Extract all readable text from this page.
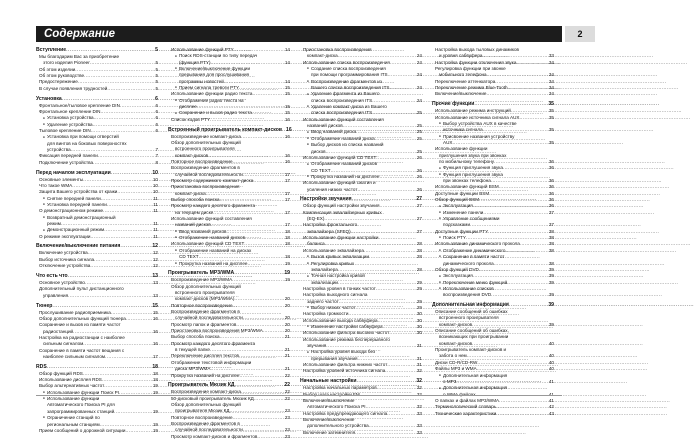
Содержание	2
Вступление .....	5
Мы благодарим Вас за приобретение
этого изделия Pioneer .....	5
Об этом изделии .....	5
Об этом руководстве .....	5
Предостережение .....	5
В случае появления трудностей .....	5
Установка .....	6
Фронтальное/тыловое крепление DIN .....	6
Фронтальное крепление DIN .....	6
● Установка устройства .....	6
● Удаление устройства .....	6
Тыловое крепление DIN .....	6
● Установка при помощи отверстий
для винтов на боковых поверхностях
устройства .....	7
Фиксация передней панели .....	7
Подключение устройства .....	8
Перед началом эксплуатации .....	10
Основные элементы .....	10
Что такое WMA .....	10
Защита Вашего устройства от кражи .....	10
● Снятие передней панели .....	11
● Установка передней панели .....	11
О демонстрационном режиме .....	11
● Возвратный демонстрационный
режим .....	11
● Демонстрационный режим .....	11
О режиме эксплуатации .....	11
Включение/выключение питания .....	12
Включение устройства .....	12
Выбор источника сигнала .....	12
Отключение устройства .....	12
Что есть что .....	13
Основное устройство .....	13
Дополнительный пульт дистанционного
управления .....	13
Тюнер .....	15
Прослушивание радиоприемника .....	15
Обзор дополнительных функций тюнера .....	16
Сохранение и вызов из памяти частот
радиостанций .....	16
Настройка на радиостанции с наиболее
сильным сигналом .....	16
Сохранение в памяти частот вещания с
наиболее сильным сигналом .....	17
RDS .....	18
Обзор функций RDS .....	18
Использование дисплея RDS .....	18
Выбор альтернативных частот .....	19
● Использование функции Поиск PI .....	19
● Использование функции
Автоматического Поиска PI для
запрограммированных станций .....	19
● Ограничение станций по
региональным станциям .....	19
Прием сообщений о дорожной ситуации .....	19
Использование функций PTY .....	14
● Поиск RDS-станции по типу передач
(функция PTY) .....	14
● Включение/выключение функции
прерывания для прослушивания
программы новостей .....	14
● Прием сигнала тревоги PTY .....	15
Использование функции радио текста .....	15
● Отображение радио текста на
дисплее .....	15
● Сохранение и вызов радио текста .....	15
Список кодов PTY .....	16
Встроенный проигрыватель компакт-дисков ..... 16
Воспроизведение компакт-диска .....	16
Обзор дополнительных функций
встроенного проигрывателя
компакт-дисков .....	16
Повторное воспроизведение .....	16
Воспроизведение фрагментов в
случайной последовательности .....	17
Просмотр содержимого компакт-диска .....	17
Приостановка воспроизведения
компакт-диска .....	17
Выбор способа поиска .....	17
Просмотр каждого десятого фрагмента
на текущем диске .....	17
Использование функций составления
названий дисков .....	17
● Ввод названий дисков .....	18
● Отображение названий дисков .....	18
Использование функций CD TEXT .....	18
● Отображение названий на дисках
CD TEXT .....	18
● Прокрутка названий на дисплее .....	19
Проигрыватель MP3/WMA .....	19
Воспроизведение MP3/WMA .....	19
Обзор дополнительных функций
встроенного проигрывателя
компакт-дисков (MP3/WMA) .....	20
Повторное воспроизведение .....	20
Воспроизведение фрагментов в
случайной последовательности .....	20
Просмотр папок и фрагментов .....	20
Приостановка воспроизведения MP3/WMA .....	20
Выбор способа поиска .....	21
Просмотр каждого десятого фрагмента
в текущей папке .....	21
Переключение дисплея текстов .....	21
Отображение текстовой информации
диска MP3/WMA .....	21
Прокрутка названий на дисплее .....	22
Проигрыватель Мюзик КД .....	22
Воспроизведение компакт-диска .....	22
50-дисковый проигрыватель Мюзик КД .....	22
Обзор дополнительных функций
проигрывателя Мюзик КД .....	23
Повторное воспроизведение .....	23
Воспроизведение фрагментов в
случайной последовательности .....	23
Просмотр компакт-дисков и фрагментов .....	23
Приостановка воспроизведения
компакт-диска .....	24
Использование списка воспроизведения .....	24
● Создание списка воспроизведения
при помощи программирования ITS .....	24
● Воспроизведение фрагментов из
Вашего списка воспроизведения ITS .....	24
● Удаление фрагмента из Вашего
списка воспроизведения ITS .....	24
● Удаление компакт-диска из Вашего
списка воспроизведения ITS .....	25
Использование функций составления
названий дисков .....	25
● Ввод названий диска .....	25
● Отображение названий диска .....	25
● Выбор дисков из списка названий
дисков .....	25
Использование функций CD TEXT .....	26
● Отображение названий дисков
CD TEXT .....	26
● Прокрутка названий на дисплее .....	26
Использование функций сжатия и
усиления низких частот .....	26
Настройки звучания .....	27
Обзор функций настройки звучания .....	27
Компенсация эквалайзерных кривых
(EQ-EX) .....	27
Настройка фронтального
эквалайзера (SFEQ) .....	27
Использование функции настройки
баланса .....	28
Использование эквалайзера .....	28
● Вызов кривых эквализации .....	28
● Регулировка кривых
эквалайзера .....	28
● Точная настройка кривой
эквализации .....	29
Настройка уровня в тонких частот .....	29
Настройка выходного сигнала
заднего частот .....	29
● Выбор низких частот .....	29
Настройка громкости .....	30
Использование выхода сабвуфера .....	30
● Изменение настройки сабвуфера .....	30
Использование фильтра высоких частот .....	30
Использование режима бесперерывного
звучания .....	31
● Настройка уровня выхода без
прерывания звучания .....	31
Использование фильтра нижних частот .....	31
Настройка уровней источника сигнала .....	32
Начальные настройки .....	32
Настройка начальных параметров .....	32
Выбор шага настройки FM .....	32
Включение/выключение
Автоматического Поиска PI .....	32
Настройка предупреждающего сигнала .....	33
Включение/выключение
дополнительного устройства .....	33
Включение затемнителя .....	33
Настройка выхода тыловых динамиков
и уровня сабвуфера .....	33
Настройка функции отключения звука .....	34
Регулировка функции при звонке
мобильного телефона .....	34
Переключение аттенюатора .....	34
Переключение режима Blue-Tooth .....	34
Включение/выключение .....	34
Прочие функции .....	35
Использование режима инструкций .....	35
Использование источника сигнала AUX .....	35
● Выбор устройства AUX в качестве
источника сигнала .....	35
● Присвоение названия устройству
AUX .....	35
Использование функции
приглушения звука при звонках
по мобильному телефону .....	36
● Функция приглушения звука .....	36
● Функция приглушения звука
при звонках телефона .....	36
Использование функций BSM .....	36
Доступные функции BSM .....	36
Обзор функций BSM .....	36
● Эксплуатация .....	36
● Изменение панели .....	37
● Управление сообщениями
подсказками .....	37
Доступные функции PTY .....	38
● Поиск PTY .....	38
Использование динамического прокола .....	38
● Отображение динамического .....	38
● Сохранение в памяти частот
динамического прокола .....	38
Обзор функций DVD .....	39
● Эксплуатация .....	39
● Переключение меню функций .....	39
● Использование списков
воспроизведения DVD .....	39
Дополнительная информация .....	39
Описание сообщений об ошибках
встроенного проигрывателя
компакт-дисков .....	39
Описание сообщений об ошибках,
возникающих при проигрывании
компакт-дисков .....	40
Проигрыватель компакт-дисков и
забота о нем .....	40
Диски CD-R/CD-RW .....	40
Файлы MP3 и WMA .....	40
● Дополнительная информация
о MP3 .....	41
● Дополнительная информация
о WMA файлах .....	41
О папках и файлах MP3/WMA .....	41
Терминологический словарь .....	42
Технические характеристики .....	43
